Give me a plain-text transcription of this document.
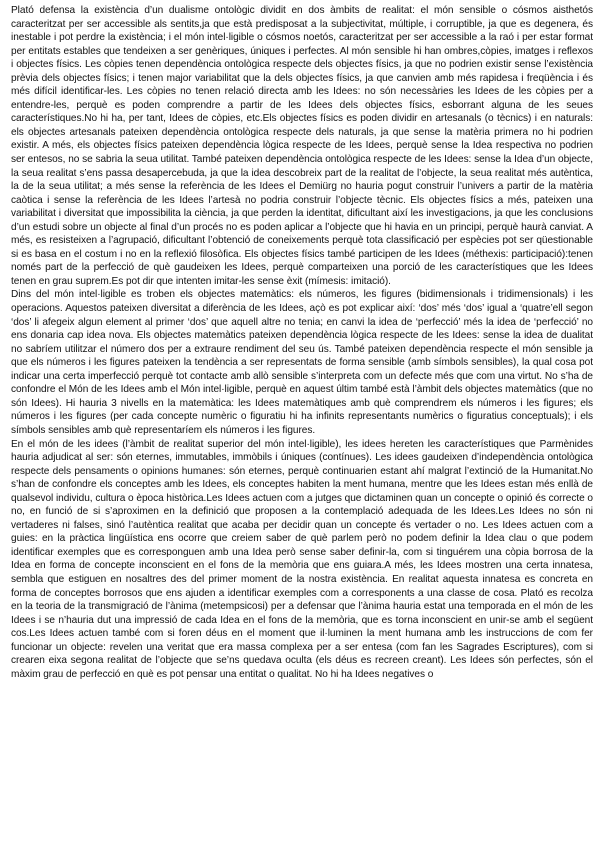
Plató defensa la existència d’un dualisme ontològic dividit en dos àmbits de realitat: el món sensible o cósmos aisthetós caracteritzat per ser accessible als sentits,ja que està predisposat a la subjectivitat, múltiple, i corruptible, ja que es degenera, és inestable i pot perdre la existència; i el món intel·ligible o cósmos noetós, caracteritzat per ser accessible a la raó i per estar format per entitats estables que tendeixen a ser genèriques, úniques i perfectes. Al món sensible hi han ombres,còpies, imatges i reflexos i objectes físics. Les còpies tenen dependència ontològica respecte dels objectes físics, ja que no podrien existir sense l’existència prèvia dels objectes físics; i tenen major variabilitat que la dels objectes físics, ja que canvien amb més rapidesa i freqüència i és més difícil identificar-les. Les còpies no tenen relació directa amb les Idees: no són necessàries les Idees de les còpies per a entendre-les, perquè es poden comprendre a partir de les Idees dels objectes físics, esborrant alguna de les seues característiques.No hi ha, per tant, Idees de còpies, etc.Els objectes físics es poden dividir en artesanals (o tècnics) i en naturals: els objectes artesanals pateixen dependència ontològica respecte dels naturals, ja que sense la matèria primera no hi podrien existir. A més, els objectes físics pateixen dependència lògica respecte de les Idees, perquè sense la Idea respectiva no podrien ser entesos, no se sabria la seua utilitat. També pateixen dependència ontològica respecte de les Idees: sense la Idea d’un objecte, la seua realitat s’ens passa desapercebuda, ja que la idea descobreix part de la realitat de l’objecte, la seua realitat més autèntica, la de la seua utilitat; a més sense la referència de les Idees el Demiürg no hauria pogut construir l’univers a partir de la matèria caòtica i sense la referència de les Idees l’artesà no podria construir l’objecte tècnic. Els objectes físics a més, pateixen una variabilitat i diversitat que impossibilita la ciència, ja que perden la identitat, dificultant així les investigacions, ja que les conclusions d’un estudi sobre un objecte al final d’un procés no es poden aplicar a l’objecte que hi havia en un principi, perquè haurà canviat. A més, es resisteixen a l’agrupació, dificultant l’obtenció de coneixements perquè tota classificació per espècies pot ser qüestionable si es basa en el costum i no en la reflexió filosòfica. Els objectes físics també participen de les Idees (méthexis: participació):tenen només part de la perfecció de què gaudeixen les Idees, perquè comparteixen una porció de les característiques que les Idees tenen en grau suprem.Es pot dir que intenten imitar-les sense èxit (mímesis: imitació).

Dins del món intel·ligible es troben els objectes matemàtics: els números, les figures (bidimensionals i tridimensionals) i les operacions. Aquestos pateixen diversitat a diferència de les Idees, açò es pot explicar així: ‘dos’ més ‘dos’ igual a ‘quatre’ell segon ‘dos’ li afegeix algun element al primer ‘dos’ que aquell altre no tenia; en canvi la idea de ‘perfecció’ més la idea de ‘perfecció’ no ens donaria cap idea nova. Els objectes matemàtics pateixen dependència lògica respecte de les Idees: sense la idea de dualitat no sabríem utilitzar el número dos per a extraure rendiment del seu ús. També pateixen dependència respecte el món sensible ja que els números i les figures pateixen la tendència a ser representats de forma sensible (amb símbols sensibles), la qual cosa pot indicar una certa imperfecció perquè tot contacte amb allò sensible s’interpreta com un defecte més que com una virtut. No s’ha de confondre el Món de les Idees amb el Món intel·ligible, perquè en aquest últim també està l’àmbit dels objectes matemàtics (que no són Idees). Hi hauria 3 nivells en la matemàtica: les Idees matemàtiques amb què comprendrem els números i les figures; els números i les figures (per cada concepte numèric o figuratiu hi ha infinits representants numèrics o figuratius conceptuals); i els símbols sensibles amb què representaríem els números i les figures.

En el món de les idees (l’àmbit de realitat superior del món intel·ligible), les idees hereten les característiques que Parmènides hauria adjudicat al ser: són eternes, immutables, immòbils i úniques (contínues). Les idees gaudeixen d’independència ontològica respecte dels pensaments o opinions humanes: són eternes, perquè continuarien estant ahí malgrat l’extinció de la Humanitat.No s’han de confondre els conceptes amb les Idees, els conceptes habiten la ment humana, mentre que les Idees estan més enllà de qualsevol individu, cultura o època històrica.Les Idees actuen com a jutges que dictaminen quan un concepte o opinió és correcte o no, en funció de si s’aproximen en la definició que proposen a la contemplació adequada de les Idees.Les Idees no són ni vertaderes ni falses, sinó l’autèntica realitat que acaba per decidir quan un concepte és vertader o no. Les Idees actuen com a guies: en la pràctica lingüística ens ocorre que creiem saber de què parlem però no podem definir la Idea clau o que podem identificar exemples que es corresponguen amb una Idea però sense saber definir-la, com si tinguérem una còpia borrosa de la Idea en forma de concepte inconscient en el fons de la memòria que ens guiara.A més, les Idees mostren una certa innatesa, sembla que estiguen en nosaltres des del primer moment de la nostra existència. En realitat aquesta innatesa es concreta en forma de conceptes borrosos que ens ajuden a identificar exemples com a corresponents a una classe de cosa. Plató es recolza en la teoria de la transmigració de l’ànima (metempsicosi) per a defensar que l’ànima hauria estat una temporada en el món de les Idees i se n’hauria dut una impressió de cada Idea en el fons de la memòria, que es torna inconscient en unir-se amb el següent cos.Les Idees actuen també com si foren déus en el moment que il·luminen la ment humana amb les instruccions de com fer funcionar un objecte: revelen una veritat que era massa complexa per a ser entesa (com fan les Sagrades Escriptures), com si crearen eixa segona realitat de l’objecte que se’ns quedava oculta (els déus es recreen creant). Les Idees són perfectes, són el màxim grau de perfecció en què es pot pensar una entitat o qualitat. No hi ha Idees negatives o
